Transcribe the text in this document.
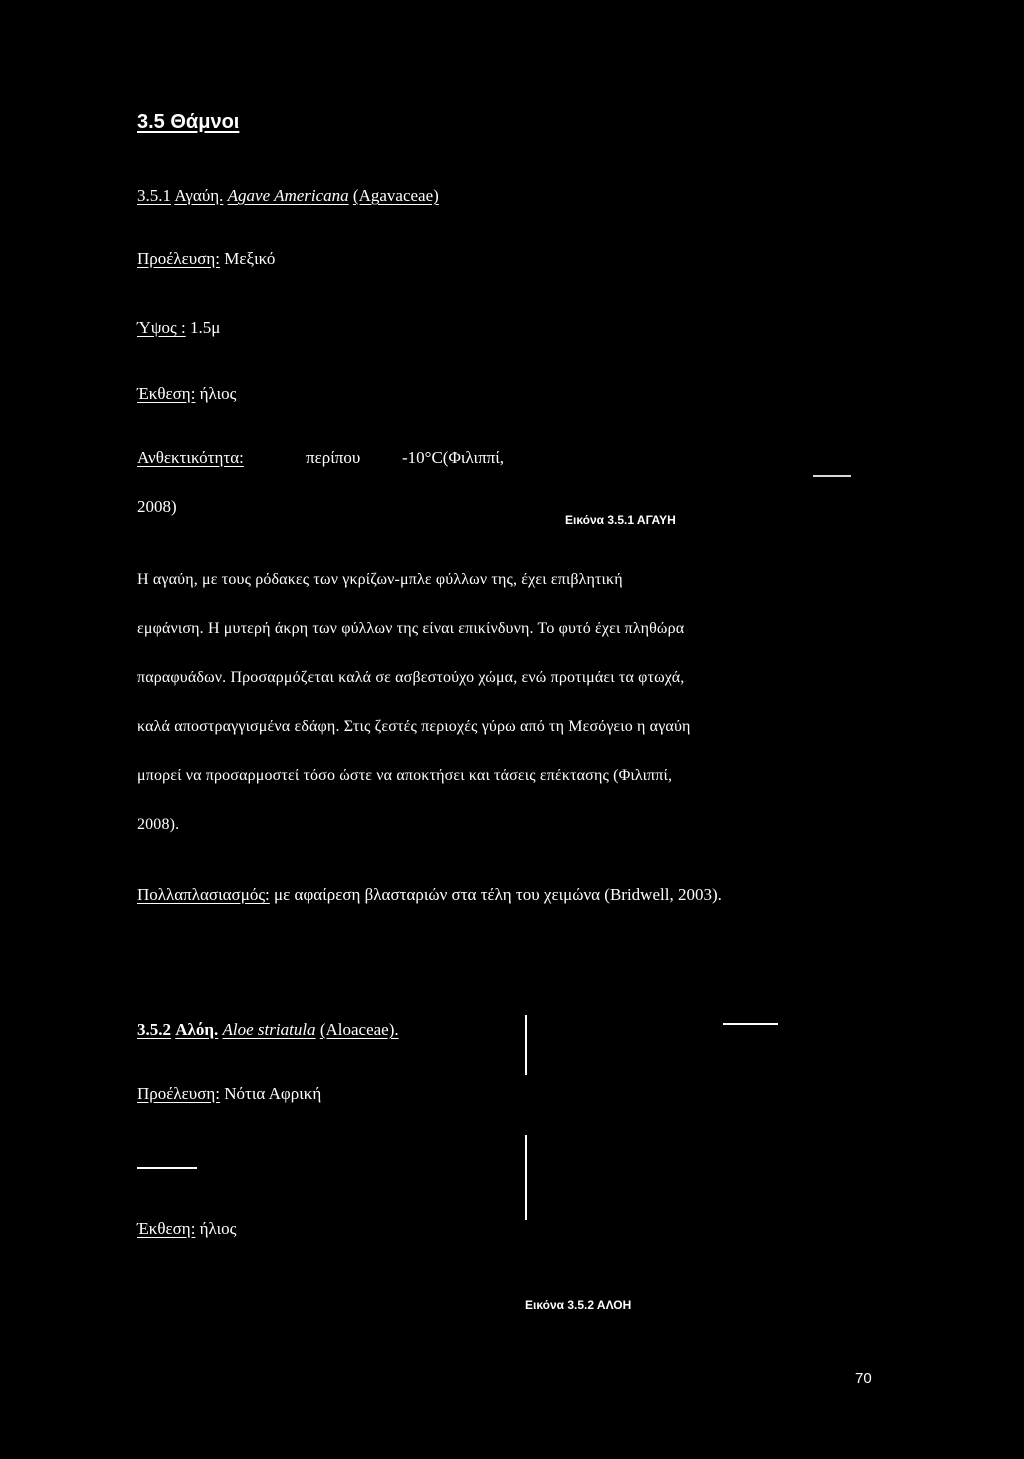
3.5 Θάμνοι
3.5.1 Αγαύη. Agave Americana (Agavaceae)
Προέλευση: Μεξικό
Ύψος : 1.5μ
Έκθεση: ήλιος
Ανθεκτικότητα:	περίπου -10°C(Φιλιππί,
2008)
Εικόνα 3.5.1 ΑΓΑΥΗ
Η αγαύη, με τους ρόδακες των γκρίζων-μπλε φύλλων της, έχει επιβλητική
εμφάνιση. Η μυτερή άκρη των φύλλων της είναι επικίνδυνη. Το φυτό έχει πληθώρα
παραφυάδων. Προσαρμόζεται καλά σε ασβεστούχο χώμα, ενώ προτιμάει τα φτωχά,
καλά αποστραγγισμένα εδάφη. Στις ζεστές περιοχές γύρω από τη Μεσόγειο η αγαύη
μπορεί να προσαρμοστεί τόσο ώστε να αποκτήσει και τάσεις επέκτασης (Φιλιππί,
2008).
Πολλαπλασιασμός: με αφαίρεση βλασταριών στα τέλη του χειμώνα (Bridwell, 2003).
3.5.2 Αλόη. Aloe striatula (Aloaceae).
Προέλευση: Νότια Αφρική
Έκθεση: ήλιος
Εικόνα 3.5.2 ΑΛΟΗ
70
